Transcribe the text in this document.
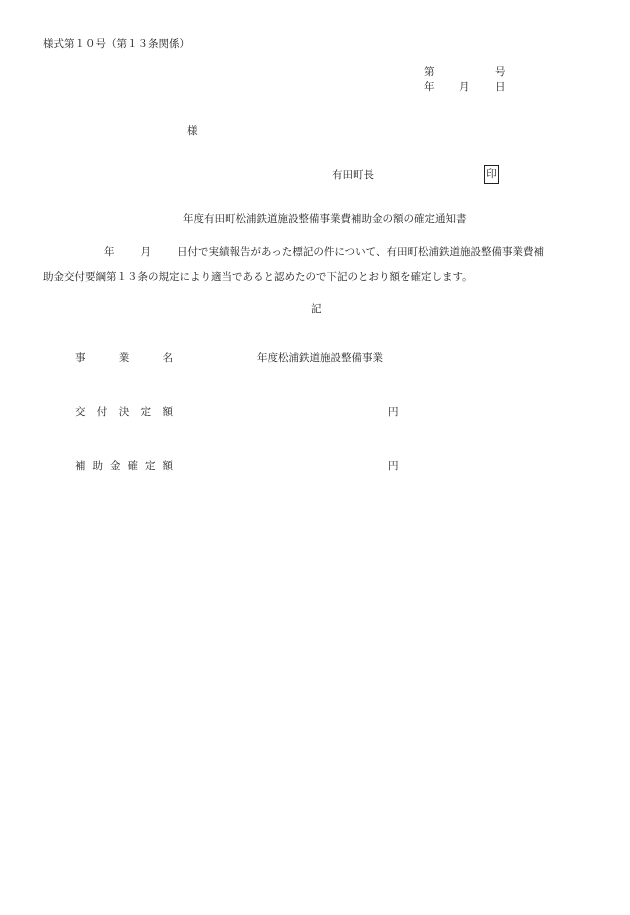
様式第１０号（第１３条関係）
第	号
年 月 日
様
有田町長	印
年度有田町松浦鉄道施設整備事業費補助金の額の確定通知書
年 月 日付で実績報告があった標記の件について、有田町松浦鉄道施設整備事業費補
助金交付要綱第１３条の規定により適当であると認めたので下記のとおり額を確定します。
記
事	業	名	年度松浦鉄道施設整備事業
交 付 決 定 額	円
補 助 金 確 定 額	円
